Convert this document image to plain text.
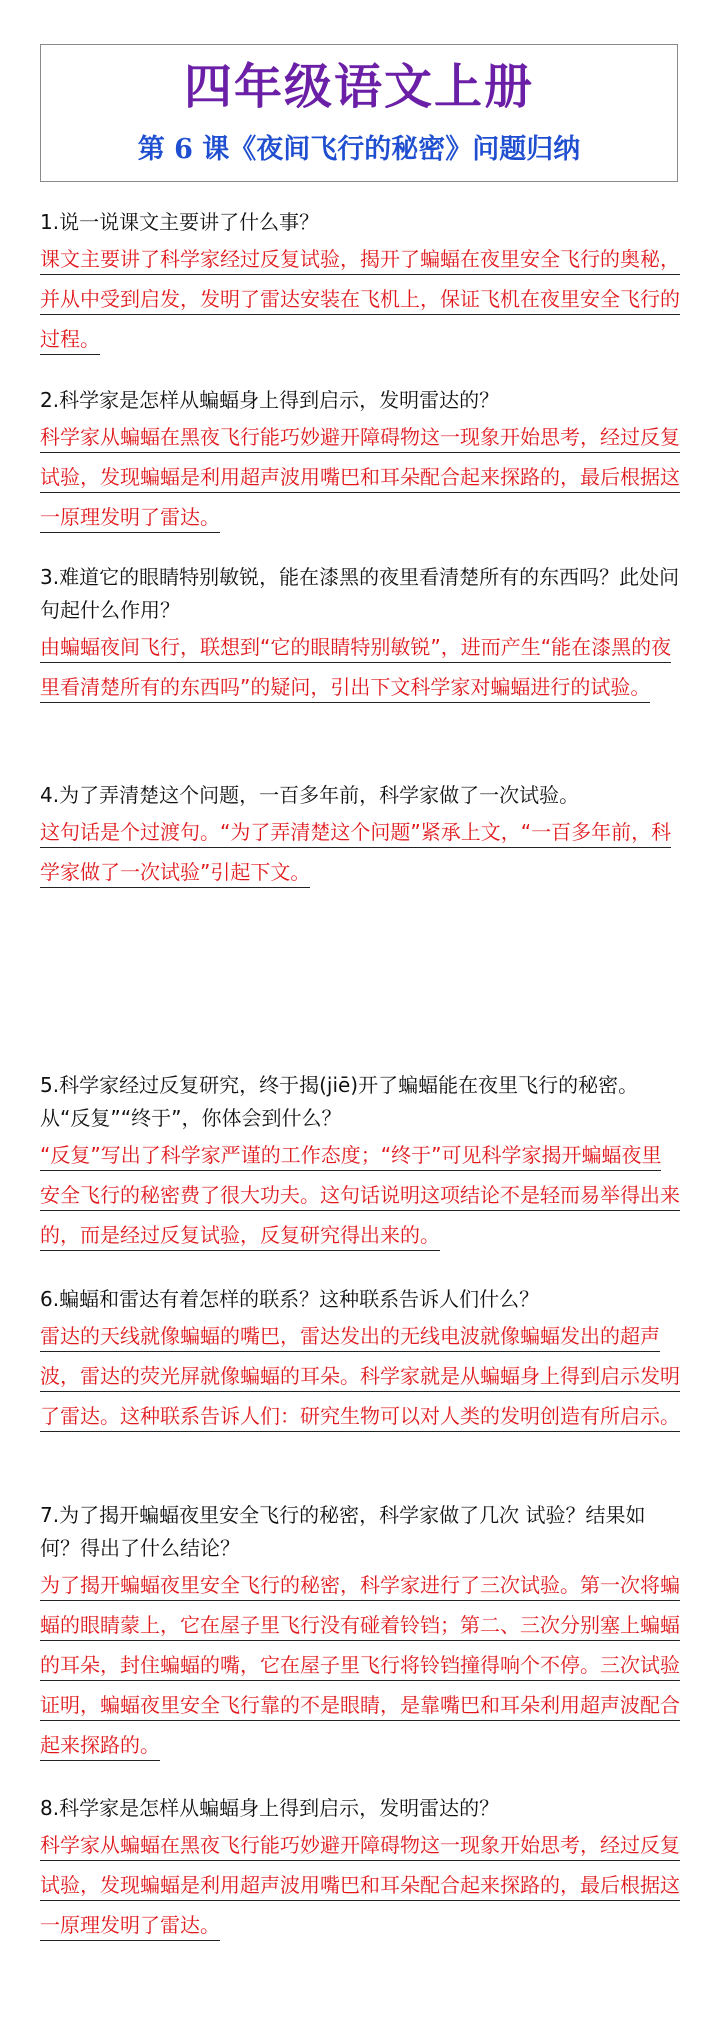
四年级语文上册
第 6 课《夜间飞行的秘密》问题归纳

1.说一说课文主要讲了什么事？

课文主要讲了科学家经过反复试验，揭开了蝙蝠在夜里安全飞行的奥秘，并从中受到启发，发明了雷达安装在飞机上，保证飞机在夜里安全飞行的过程。

2.科学家是怎样从蝙蝠身上得到启示，发明雷达的？

科学家从蝙蝠在黑夜飞行能巧妙避开障碍物这一现象开始思考，经过反复试验，发现蝙蝠是利用超声波用嘴巴和耳朵配合起来探路的，最后根据这一原理发明了雷达。

3.难道它的眼睛特别敏锐，能在漆黑的夜里看清楚所有的东西吗？此处问句起什么作用？

由蝙蝠夜间飞行，联想到“它的眼睛特别敏锐”，进而产生“能在漆黑的夜里看清楚所有的东西吗”的疑问，引出下文科学家对蝙蝠进行的试验。

4.为了弄清楚这个问题，一百多年前，科学家做了一次试验。

这句话是个过渡句。“为了弄清楚这个问题”紧承上文，“一百多年前，科学家做了一次试验”引起下文。

5.科学家经过反复研究，终于揭(jiē)开了蝙蝠能在夜里飞行的秘密。从“反复”“终于”，你体会到什么？

“反复”写出了科学家严谨的工作态度；“终于”可见科学家揭开蝙蝠夜里安全飞行的秘密费了很大功夫。这句话说明这项结论不是轻而易举得出来的，而是经过反复试验，反复研究得出来的。

6.蝙蝠和雷达有着怎样的联系？这种联系告诉人们什么？

雷达的天线就像蝙蝠的嘴巴，雷达发出的无线电波就像蝙蝠发出的超声波，雷达的荧光屏就像蝙蝠的耳朵。科学家就是从蝙蝠身上得到启示发明了雷达。这种联系告诉人们：研究生物可以对人类的发明创造有所启示。

7.为了揭开蝙蝠夜里安全飞行的秘密，科学家做了几次 试验？结果如何？得出了什么结论？

为了揭开蝙蝠夜里安全飞行的秘密，科学家进行了三次试验。第一次将蝙蝠的眼睛蒙上，它在屋子里飞行没有碰着铃铛；第二、三次分别塞上蝙蝠的耳朵，封住蝙蝠的嘴，它在屋子里飞行将铃铛撞得响个不停。三次试验证明，蝙蝠夜里安全飞行靠的不是眼睛，是靠嘴巴和耳朵利用超声波配合起来探路的。

8.科学家是怎样从蝙蝠身上得到启示，发明雷达的？

科学家从蝙蝠在黑夜飞行能巧妙避开障碍物这一现象开始思考，经过反复试验，发现蝙蝠是利用超声波用嘴巴和耳朵配合起来探路的，最后根据这一原理发明了雷达。
